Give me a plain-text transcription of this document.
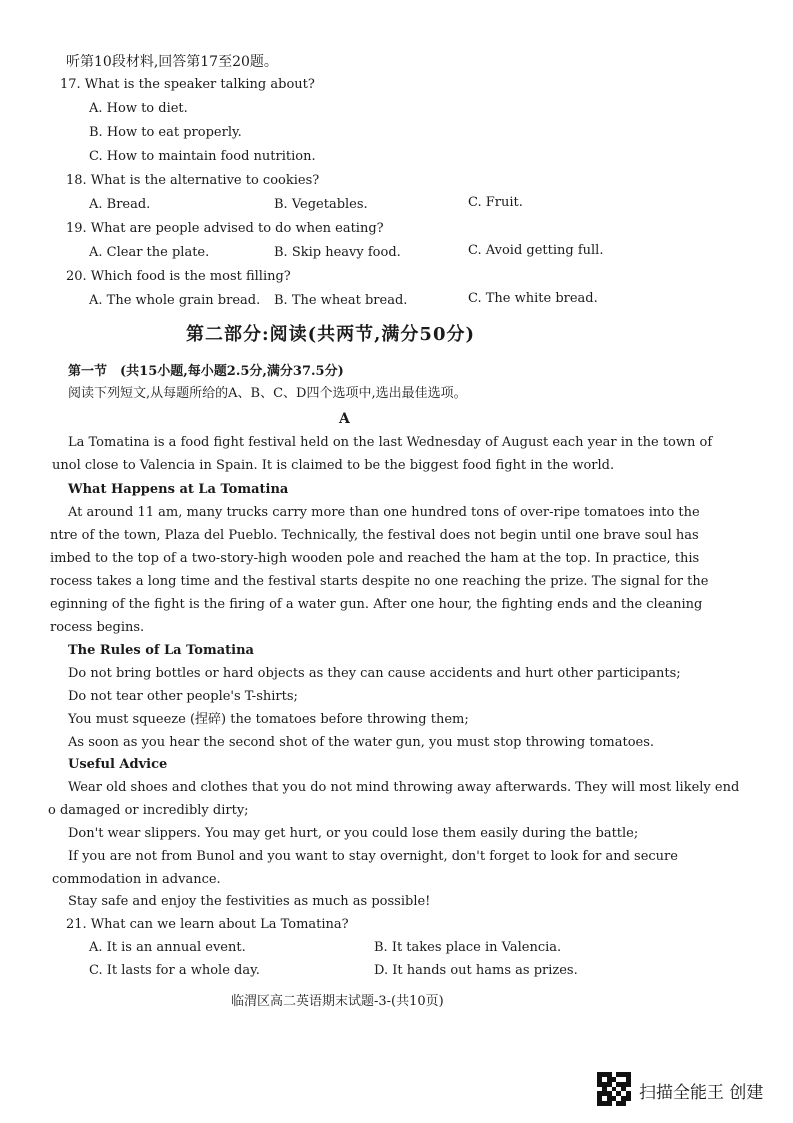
听第10段材料,回答第17至20题。
17. What is the speaker talking about?
A. How to diet.
B. How to eat properly.
C. How to maintain food nutrition.
18. What is the alternative to cookies?
A. Bread.	B. Vegetables.	C. Fruit.
19. What are people advised to do when eating?
A. Clear the plate.	B. Skip heavy food.	C. Avoid getting full.
20. Which food is the most filling?
A. The whole grain bread. B. The wheat bread.	C. The white bread.
第二部分:阅读(共两节,满分50分)
第一节　(共15小题,每小题2.5分,满分37.5分)
阅读下列短文,从每题所给的A、B、C、D四个选项中,选出最佳选项。
A
La Tomatina is a food fight festival held on the last Wednesday of August each year in the town of
unol close to Valencia in Spain. It is claimed to be the biggest food fight in the world.
What Happens at La Tomatina
At around 11 am, many trucks carry more than one hundred tons of over-ripe tomatoes into the
ntre of the town, Plaza del Pueblo. Technically, the festival does not begin until one brave soul has
imbed to the top of a two-story-high wooden pole and reached the ham at the top. In practice, this
rocess takes a long time and the festival starts despite no one reaching the prize. The signal for the
eginning of the fight is the firing of a water gun. After one hour, the fighting ends and the cleaning
rocess begins.
The Rules of La Tomatina
Do not bring bottles or hard objects as they can cause accidents and hurt other participants;
Do not tear other people's T-shirts;
You must squeeze (捏碎) the tomatoes before throwing them;
As soon as you hear the second shot of the water gun, you must stop throwing tomatoes.
Useful Advice
Wear old shoes and clothes that you do not mind throwing away afterwards. They will most likely end
o damaged or incredibly dirty;
Don't wear slippers. You may get hurt, or you could lose them easily during the battle;
If you are not from Bunol and you want to stay overnight, don't forget to look for and secure
commodation in advance.
Stay safe and enjoy the festivities as much as possible!
21. What can we learn about La Tomatina?
A. It is an annual event.	B. It takes place in Valencia.
C. It lasts for a whole day.	D. It hands out hams as prizes.
临渭区高二英语期末试题-3-(共10页)
扫描全能王 创建
